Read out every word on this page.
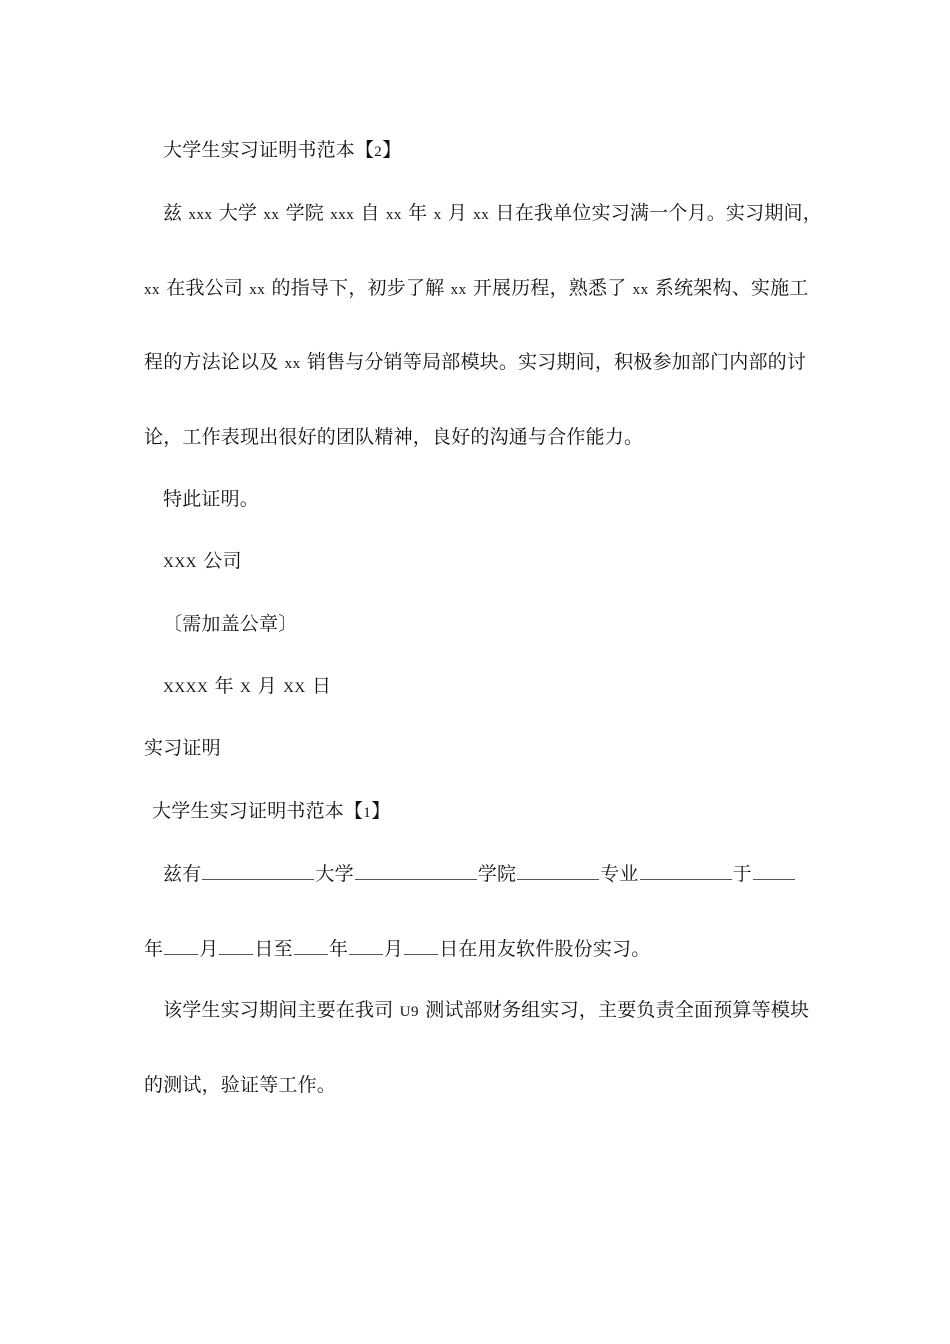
大学生实习证明书范本【2】
兹 xxx 大学 xx 学院 xxx 自 xx 年 x 月 xx 日在我单位实习满一个月。实习期间，
xx 在我公司 xx 的指导下，初步了解 xx 开展历程，熟悉了 xx 系统架构、实施工
程的方法论以及 xx 销售与分销等局部模块。实习期间，积极参加部门内部的讨
论，工作表现出很好的团队精神，良好的沟通与合作能力。
特此证明。
XXX 公司
〔需加盖公章〕
XXXX 年 X 月 XX 日
实习证明
大学生实习证明书范本【1】
兹有	大学	学院	专业	于
年 月 日至 年 月 日在用友软件股份实习。
该学生实习期间主要在我司 U9 测试部财务组实习，主要负责全面预算等模块
的测试，验证等工作。
